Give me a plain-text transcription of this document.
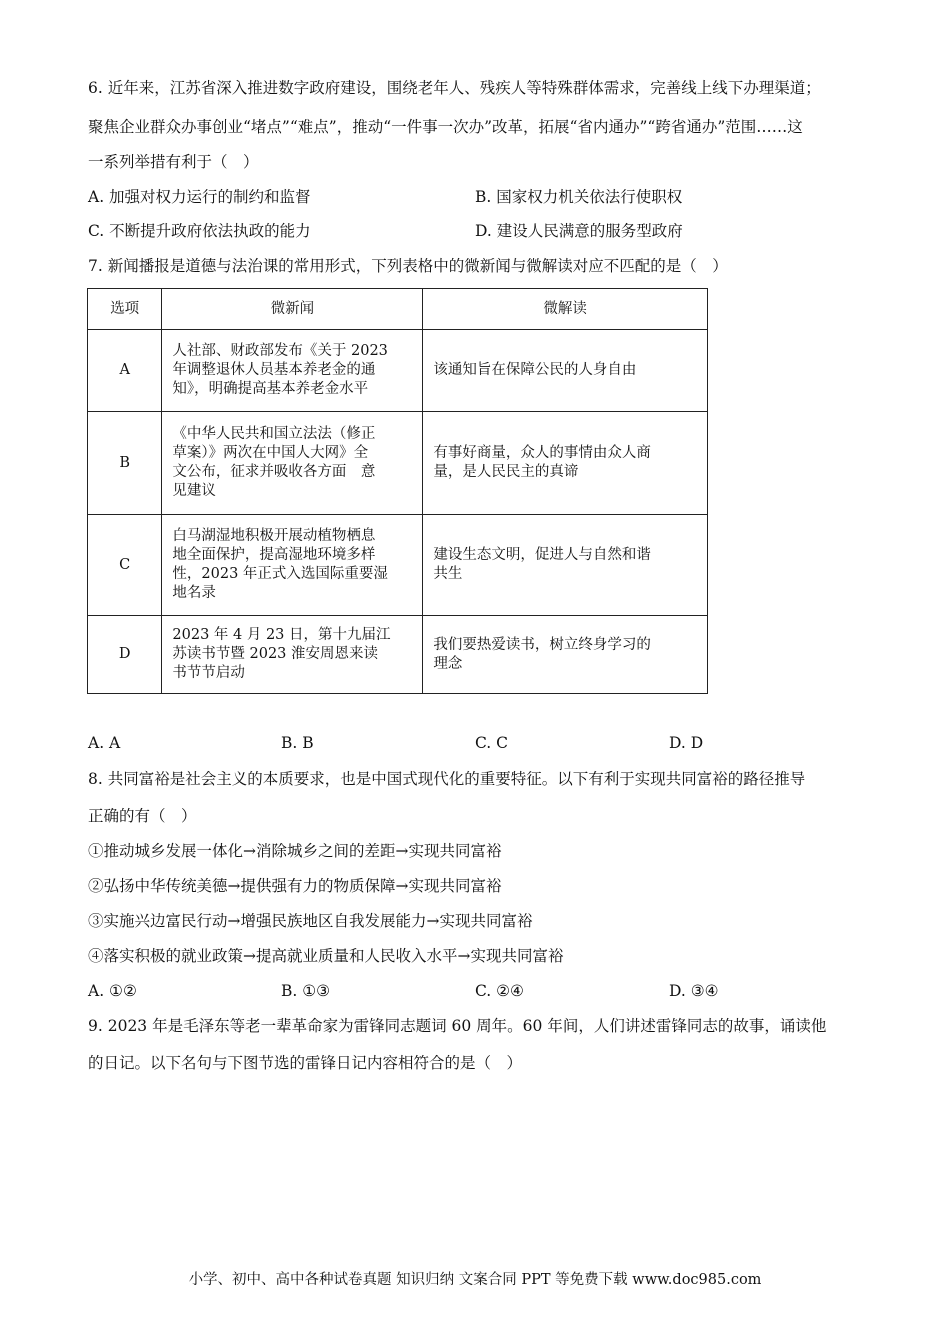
6. 近年来，江苏省深入推进数字政府建设，围绕老年人、残疾人等特殊群体需求，完善线上线下办理渠道；
聚焦企业群众办事创业“堵点”“难点”，推动“一件事一次办”改革，拓展“省内通办”“跨省通办”范围……这
一系列举措有利于（　）
A. 加强对权力运行的制约和监督	B. 国家权力机关依法行使职权
C. 不断提升政府依法执政的能力	D. 建设人民满意的服务型政府
7. 新闻播报是道德与法治课的常用形式，下列表格中的微新闻与微解读对应不匹配的是（　）
选项	微新闻	微解读
A	人社部、财政部发布《关于 2023
年调整退休人员基本养老金的通
知》，明确提高基本养老金水平	该通知旨在保障公民的人身自由

B	《中华人民共和国立法法（修正
草案）》两次在中国人大网》全
文公布，征求并吸收各方面　意
见建议	有事好商量，众人的事情由众人商
量，是人民民主的真谛

C	白马湖湿地积极开展动植物栖息
地全面保护，提高湿地环境多样
性，2023 年正式入选国际重要湿
地名录	建设生态文明，促进人与自然和谐
共生

D	2023 年 4 月 23 日，第十九届江
苏读书节暨 2023 淮安周恩来读
书节节启动	我们要热爱读书，树立终身学习的
理念
A. A	B. B	C. C	D. D
8. 共同富裕是社会主义的本质要求，也是中国式现代化的重要特征。以下有利于实现共同富裕的路径推导
正确的有（　）
①推动城乡发展一体化→消除城乡之间的差距→实现共同富裕
②弘扬中华传统美德→提供强有力的物质保障→实现共同富裕
③实施兴边富民行动→增强民族地区自我发展能力→实现共同富裕
④落实积极的就业政策→提高就业质量和人民收入水平→实现共同富裕
A. ①②	B. ①③	C. ②④	D. ③④
9. 2023 年是毛泽东等老一辈革命家为雷锋同志题词 60 周年。60 年间，人们讲述雷锋同志的故事，诵读他
的日记。以下名句与下图节选的雷锋日记内容相符合的是（　）
小学、初中、高中各种试卷真题 知识归纳 文案合同 PPT 等免费下载 www.doc985.com
